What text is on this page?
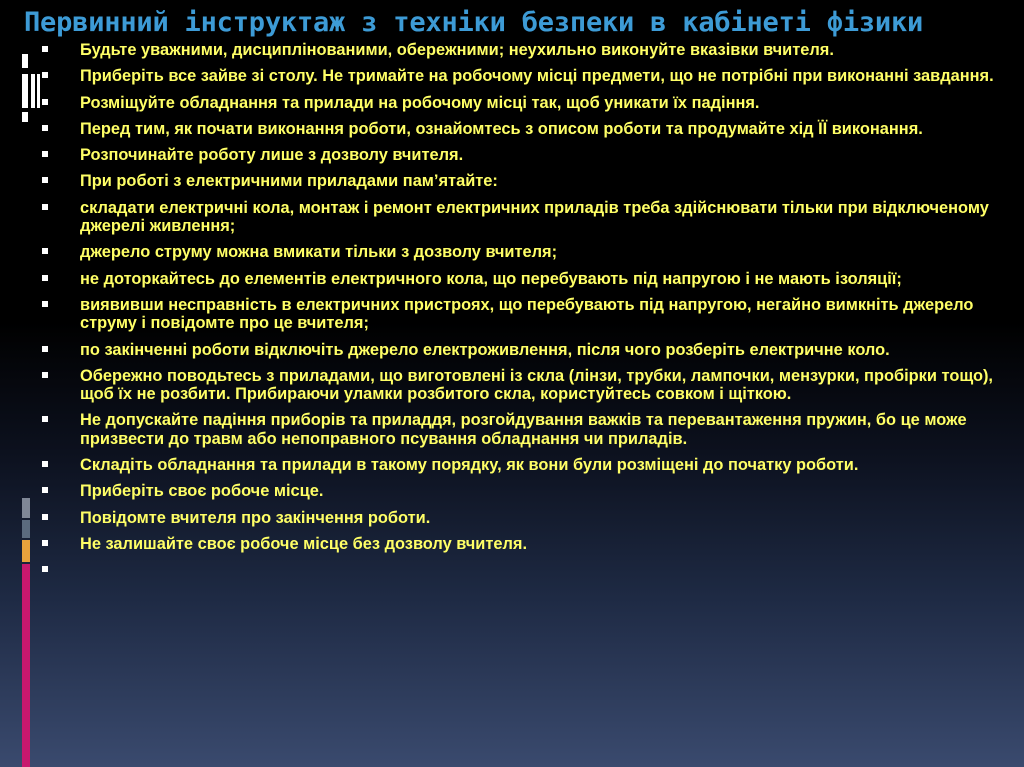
Первинний інструктаж з техніки безпеки в кабінеті фізики
Будьте уважними, дисциплінованими, обережними; неухильно виконуйте вказівки вчителя.
Приберіть все зайве зі столу. Не тримайте на робочому місці предмети, що не потрібні при виконанні завдання.
Розміщуйте обладнання та прилади на робочому місці так, щоб уникати їх падіння.
Перед тим, як почати виконання роботи, ознайомтесь з описом роботи та продумайте хід ЇЇ виконання.
Розпочинайте роботу лише з дозволу вчителя.
При роботі з електричними приладами пам’ятайте:
складати електричні кола, монтаж і ремонт електричних приладів треба здійснювати тільки при відключеному джерелі живлення;
джерело струму можна вмикати тільки з дозволу вчителя;
не доторкайтесь до елементів електричного кола, що перебувають під напругою і не мають ізоляції;
виявивши несправність в електричних пристроях, що перебувають під напругою, негайно вимкніть джерело струму і повідомте про це вчителя;
по закінченні роботи відключіть джерело електроживлення, після чого розберіть електричне коло.
Обережно поводьтесь з приладами, що виготовлені із скла (лінзи, трубки, лампочки, мензурки, пробірки тощо), щоб їх не розбити. Прибираючи уламки розбитого скла, користуйтесь совком і щіткою.
Не допускайте падіння приборів та приладдя, розгойдування важків та перевантаження пружин, бо це може призвести до травм або непоправного псування обладнання чи приладів.
Складіть обладнання та прилади в такому порядку, як вони були розміщені до початку роботи.
Приберіть своє робоче місце.
Повідомте вчителя про закінчення роботи.
Не залишайте своє робоче місце без дозволу вчителя.
